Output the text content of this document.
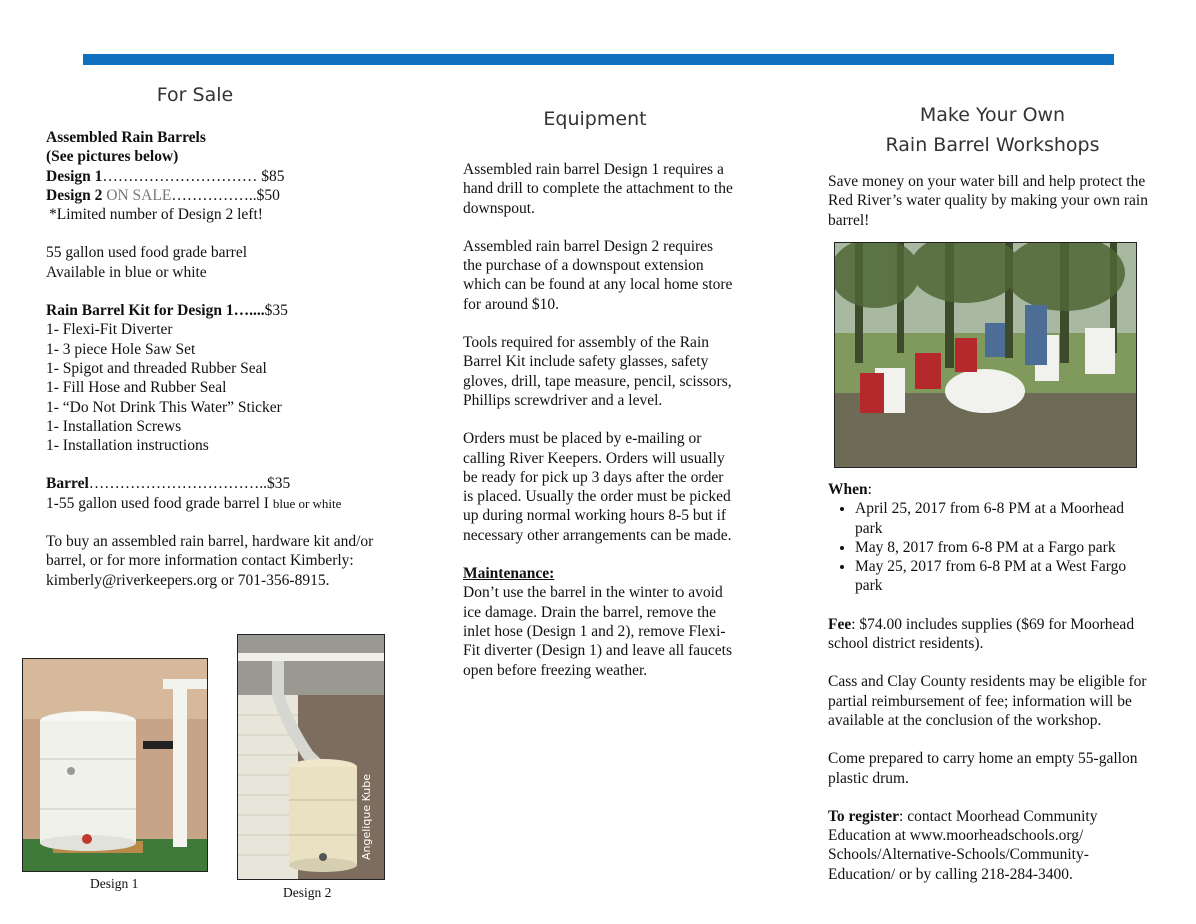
For Sale

Assembled Rain Barrels

(See pictures below)

Design 1………………………… $85

Design 2 ON SALE……………..$50

*Limited number of Design 2 left!

55 gallon used food grade barrel

Available in blue or white

Rain Barrel Kit for Design 1…....$35

1- Flexi-Fit Diverter

1- 3 piece Hole Saw Set

1- Spigot and threaded Rubber Seal

1- Fill Hose and Rubber Seal

1- “Do Not Drink This Water” Sticker

1- Installation Screws

1- Installation instructions

Barrel……………………………..$35

1-55 gallon used food grade barrel I blue or white

To buy an assembled rain barrel, hardware kit and/or barrel, or for more information contact Kimberly: kimberly@riverkeepers.org or 701-356-8915.

Design 1
Angelique Kube
Design 2
Equipment

Assembled rain barrel Design 1 requires a hand drill to complete the attachment to the downspout.

Assembled rain barrel Design 2 requires the purchase of a downspout extension which can be found at any local home store for around $10.

Tools required for assembly of the Rain Barrel Kit include safety glasses, safety gloves, drill, tape measure, pencil, scissors, Phillips screwdriver and a level.

Orders must be placed by e-mailing or calling River Keepers. Orders will usually be ready for pick up 3 days after the order is placed. Usually the order must be picked up during normal working hours 8-5 but if necessary other arrangements can be made.

Maintenance:

Don’t use the barrel in the winter to avoid ice damage. Drain the barrel, remove the inlet hose (Design 1 and 2), remove Flexi-Fit diverter (Design 1) and leave all faucets open before freezing weather.

Make Your Own
Rain Barrel Workshops

Save money on your water bill and help protect the Red River’s water quality by making your own rain barrel!

When:

• April 25, 2017 from 6-8 PM at a Moorhead park
• May 8, 2017 from 6-8 PM at a Fargo park
• May 25, 2017 from 6-8 PM at a West Fargo park

Fee: $74.00 includes supplies ($69 for Moorhead school district residents).

Cass and Clay County residents may be eligible for partial reimbursement of fee; information will be available at the conclusion of the workshop.

Come prepared to carry home an empty 55-gallon plastic drum.

To register: contact Moorhead Community Education at www.moorheadschools.org/ Schools/Alternative-Schools/Community-Education/ or by calling 218-284-3400.
